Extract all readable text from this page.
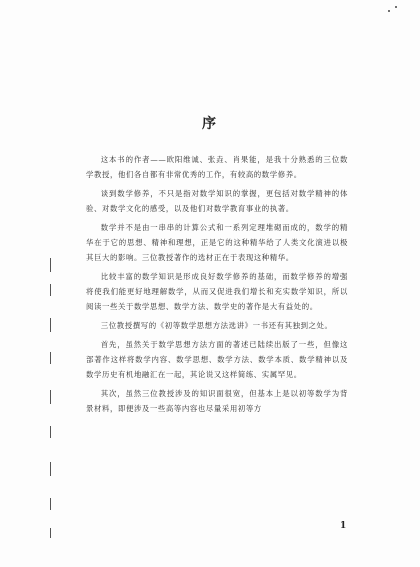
序

这本书的作者——欧阳维诚、张垚、肖果能，是我十分熟悉的三位数学教授，他们各自都有非常优秀的工作，有较高的数学修养。

谈到数学修养，不只是指对数学知识的掌握，更包括对数学精神的体验、对数学文化的感受，以及他们对数学教育事业的执著。

数学并不是由一串串的计算公式和一系列定理堆砌而成的，数学的精华在于它的思想、精神和理想，正是它的这种精华给了人类文化演进以极其巨大的影响。三位教授著作的选材正在于表现这种精华。

比较丰富的数学知识是形成良好数学修养的基础，而数学修养的增强将使我们能更好地理解数学，从而又促进我们增长和充实数学知识，所以阅读一些关于数学思想、数学方法、数学史的著作是大有益处的。

三位教授撰写的《初等数学思想方法选讲》一书还有其独到之处。

首先，虽然关于数学思想方法方面的著述已陆续出版了一些，但像这部著作这样将数学内容、数学思想、数学方法、数学本质、数学精神以及数学历史有机地融汇在一起，其论说又这样简练、实属罕见。

其次，虽然三位教授涉及的知识面很宽，但基本上是以初等数学为背景材料，即便涉及一些高等内容也尽量采用初等方

1
